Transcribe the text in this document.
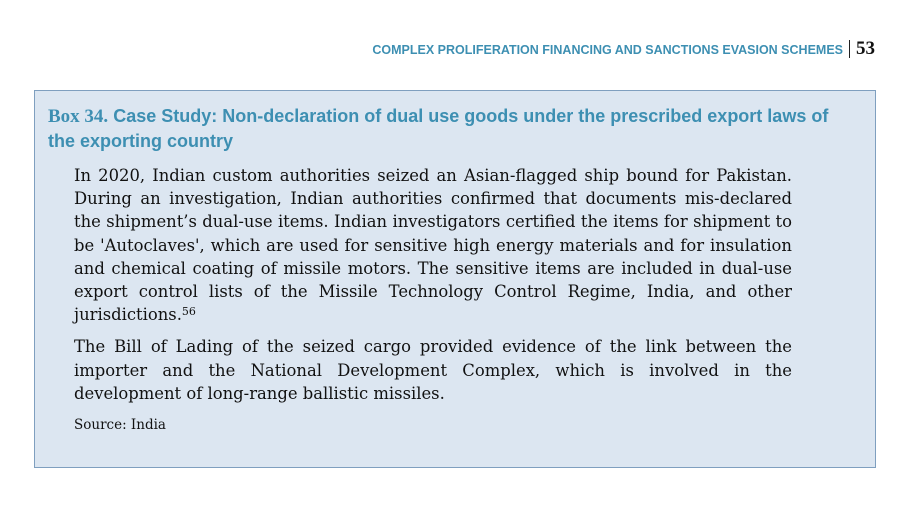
COMPLEX PROLIFERATION FINANCING AND SANCTIONS EVASION SCHEMES 53
Box 34. Case Study: Non-declaration of dual use goods under the prescribed export laws of the exporting country

In 2020, Indian custom authorities seized an Asian-flagged ship bound for Pakistan. During an investigation, Indian authorities confirmed that documents mis-declared the shipment’s dual-use items. Indian investigators certified the items for shipment to be 'Autoclaves', which are used for sensitive high energy materials and for insulation and chemical coating of missile motors. The sensitive items are included in dual-use export control lists of the Missile Technology Control Regime, India, and other jurisdictions.$^{56}$

The Bill of Lading of the seized cargo provided evidence of the link between the importer and the National Development Complex, which is involved in the development of long-range ballistic missiles.

Source: India
